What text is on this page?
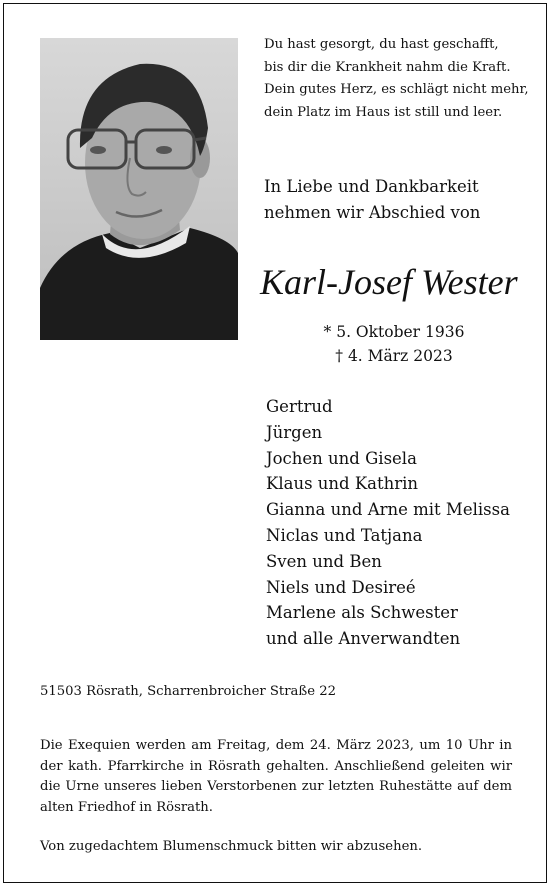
Du hast gesorgt, du hast geschafft,
bis dir die Krankheit nahm die Kraft.
Dein gutes Herz, es schlägt nicht mehr,
dein Platz im Haus ist still und leer.
In Liebe und Dankbarkeit
nehmen wir Abschied von
Karl-Josef Wester
* 5. Oktober 1936
† 4. März 2023
Gertrud
Jürgen
Jochen und Gisela
Klaus und Kathrin
Gianna und Arne mit Melissa
Niclas und Tatjana
Sven und Ben
Niels und Desireé
Marlene als Schwester
und alle Anverwandten
51503 Rösrath, Scharrenbroicher Straße 22
Die Exequien werden am Freitag, dem 24. März 2023, um 10 Uhr in der kath. Pfarrkirche in Rösrath gehalten. Anschließend geleiten wir die Urne unseres lieben Verstorbenen zur letzten Ruhestätte auf dem alten Friedhof in Rösrath.
Von zugedachtem Blumenschmuck bitten wir abzusehen.
